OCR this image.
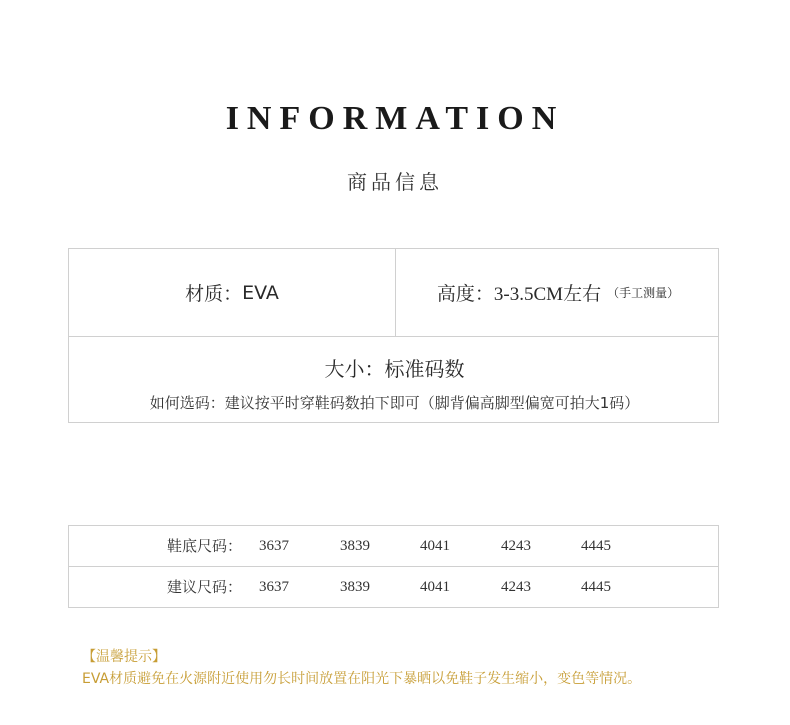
INFORMATION
商品信息
材质： EVA	高度： 3-3.5CM左右 （手工测量）
大小：标准码数
如何选码：建议按平时穿鞋码数拍下即可（脚背偏高脚型偏宽可拍大1码）
鞋底尺码： 3637	3839	4041	4243	4445
建议尺码： 3637	3839	4041	4243	4445
【温馨提示】
EVA材质避免在火源附近使用勿长时间放置在阳光下暴晒以免鞋子发生缩小，变色等情况。
